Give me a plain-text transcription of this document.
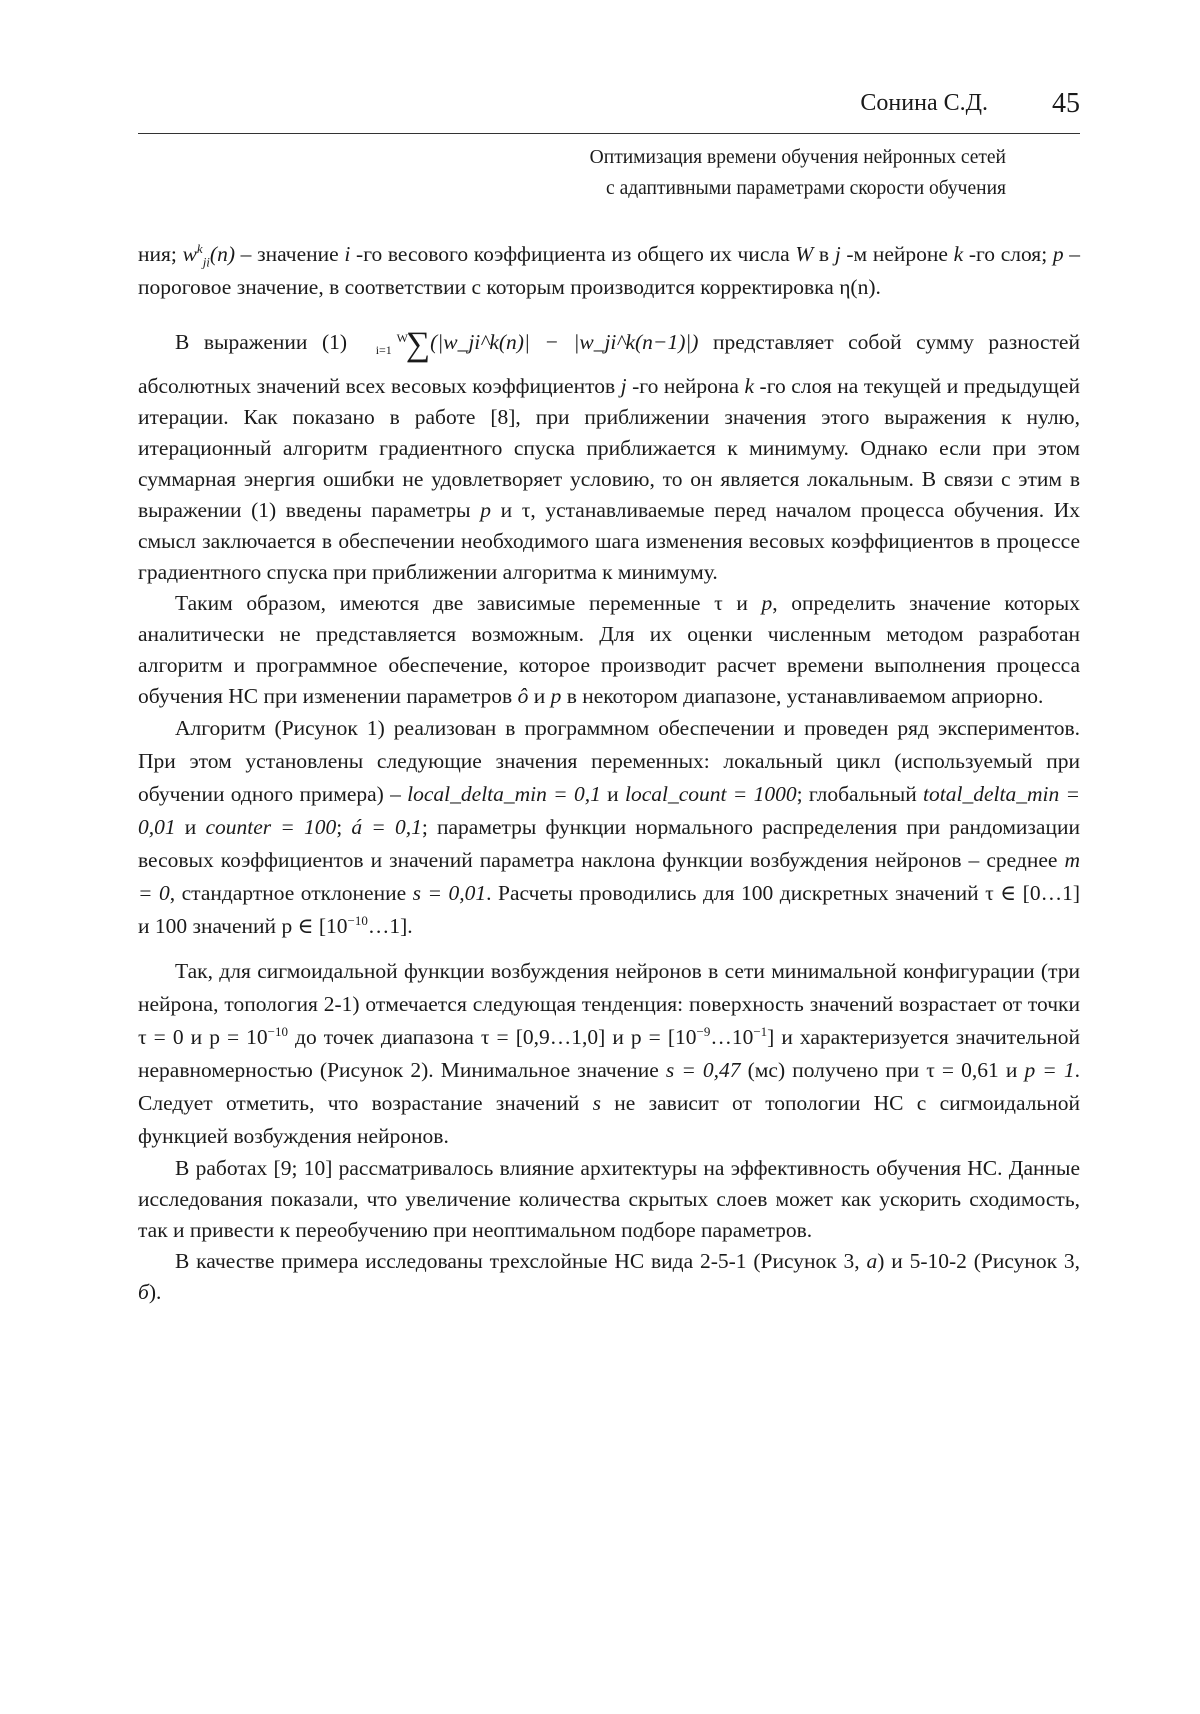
Сонина С.Д.	45
Оптимизация времени обучения нейронных сетей
с адаптивными параметрами скорости обучения

ния; $w^k_{ji}(n)$ – значение i -го весового коэффициента из общего их числа W в j -м нейроне k -го слоя; p – пороговое значение, в соответствии с которым производится корректировка η(n).

В выражении (1)	W
i=1 ∑(|w_ji^k(n)| − |w_ji^k(n−1)|) представляет собой сумму разностей абсолютных значений всех весовых коэффициентов j -го нейрона k -го слоя на текущей и предыдущей итерации. Как показано в работе [8], при приближении значения этого выражения к нулю, итерационный алгоритм градиентного спуска приближается к минимуму. Однако если при этом суммарная энергия ошибки не удовлетворяет условию, то он является локальным. В связи с этим в выражении (1) введены параметры p и τ, устанавливаемые перед началом процесса обучения. Их смысл заключается в обеспечении необходимого шага изменения весовых коэффициентов в процессе градиентного спуска при приближении алгоритма к минимуму.

Таким образом, имеются две зависимые переменные τ и p, определить значение которых аналитически не представляется возможным. Для их оценки численным методом разработан алгоритм и программное обеспечение, которое производит расчет времени выполнения процесса обучения НС при изменении параметров ô и p в некотором диапазоне, устанавливаемом априорно.

Алгоритм (Рисунок 1) реализован в программном обеспечении и проведен ряд экспериментов. При этом установлены следующие значения переменных: локальный цикл (используемый при обучении одного примера) – local_delta_min = 0,1 и local_count = 1000; глобальный total_delta_min = 0,01 и counter = 100; á = 0,1; параметры функции нормального распределения при рандомизации весовых коэффициентов и значений параметра наклона функции возбуждения нейронов – среднее m = 0, стандартное отклонение s = 0,01. Расчеты проводились для 100 дискретных значений τ ∈ [0…1] и 100 значений p ∈ $[10^{-10}\dots 1]$.

Так, для сигмоидальной функции возбуждения нейронов в сети минимальной конфигурации (три нейрона, топология 2-1) отмечается следующая тенденция: поверхность значений возрастает от точки τ = 0 и $p = 10^{-10}$ до точек диапазона τ = [0,9…1,0] и $p = [10^{-9}\dots 10^{-1}]$ и характеризуется значительной неравномерностью (Рисунок 2). Минимальное значение s = 0,47 (мс) получено при τ = 0,61 и p = 1. Следует отметить, что возрастание значений s не зависит от топологии НС с сигмоидальной функцией возбуждения нейронов.

В работах [9; 10] рассматривалось влияние архитектуры на эффективность обучения НС. Данные исследования показали, что увеличение количества скрытых слоев может как ускорить сходимость, так и привести к переобучению при неоптимальном подборе параметров.

В качестве примера исследованы трехслойные НС вида 2-5-1 (Рисунок 3, а) и 5-10-2 (Рисунок 3, б).
